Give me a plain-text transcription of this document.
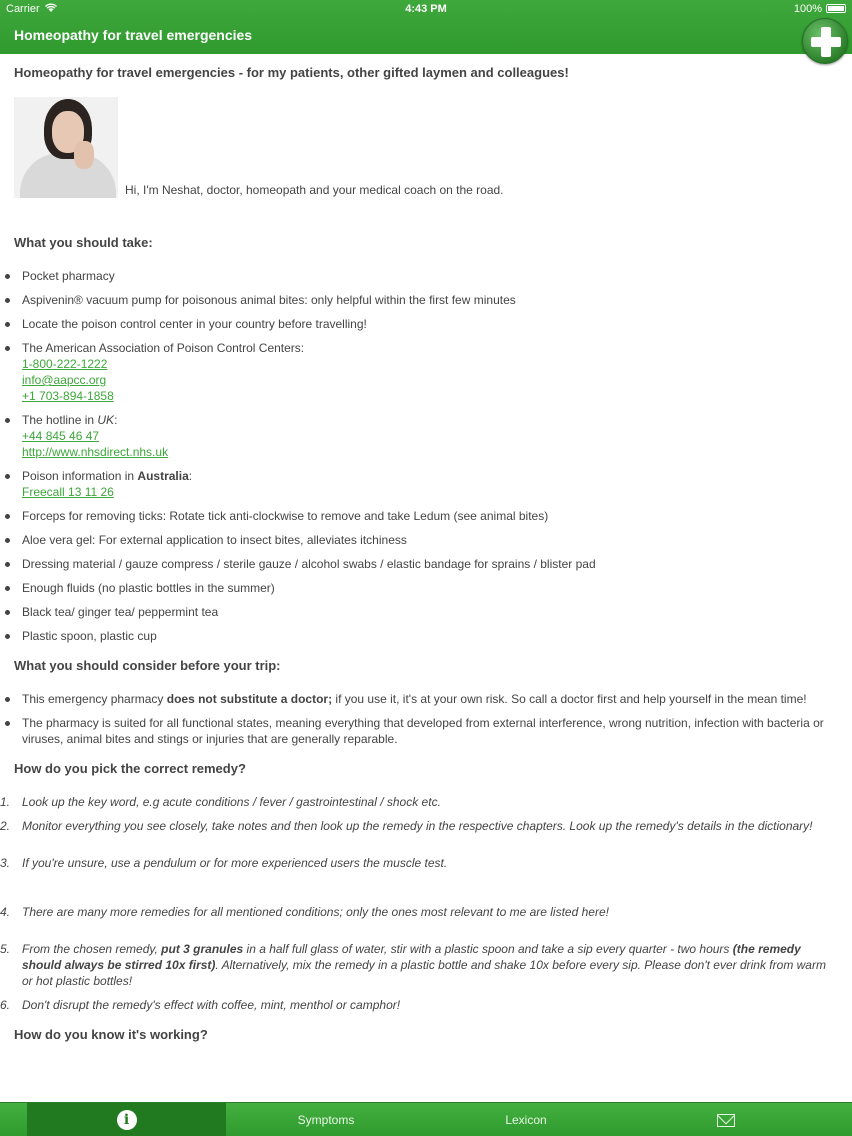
Carrier	4:43 PM	100%
Homeopathy for travel emergencies
Homeopathy for travel emergencies - for my patients, other gifted laymen and colleagues!
Hi, I'm Neshat, doctor, homeopath and your medical coach on the road.
What you should take:
Pocket pharmacy
Aspivenin® vacuum pump for poisonous animal bites: only helpful within the first few minutes
Locate the poison control center in your country before travelling!
The American Association of Poison Control Centers:
1-800-222-1222
info@aapcc.org
+1 703-894-1858
The hotline in UK:
+44 845 46 47
http://www.nhsdirect.nhs.uk
Poison information in Australia:
Freecall 13 11 26
Forceps for removing ticks: Rotate tick anti-clockwise to remove and take Ledum (see animal bites)
Aloe vera gel: For external application to insect bites, alleviates itchiness
Dressing material / gauze compress / sterile gauze / alcohol swabs / elastic bandage for sprains / blister pad
Enough fluids (no plastic bottles in the summer)
Black tea/ ginger tea/ peppermint tea
Plastic spoon, plastic cup
What you should consider before your trip:
This emergency pharmacy does not substitute a doctor; if you use it, it's at your own risk. So call a doctor first and help yourself in the mean time!
The pharmacy is suited for all functional states, meaning everything that developed from external interference, wrong nutrition, infection with bacteria or viruses, animal bites and stings or injuries that are generally reparable.
How do you pick the correct remedy?
1. Look up the key word, e.g acute conditions / fever / gastrointestinal / shock etc.
2. Monitor everything you see closely, take notes and then look up the remedy in the respective chapters. Look up the remedy's details in the dictionary!
3. If you're unsure, use a pendulum or for more experienced users the muscle test.
4. There are many more remedies for all mentioned conditions; only the ones most relevant to me are listed here!
5. From the chosen remedy, put 3 granules in a half full glass of water, stir with a plastic spoon and take a sip every quarter - two hours (the remedy should always be stirred 10x first). Alternatively, mix the remedy in a plastic bottle and shake 10x before every sip. Please don't ever drink from warm or hot plastic bottles!
6. Don't disrupt the remedy's effect with coffee, mint, menthol or camphor!
How do you know it's working?
i	Symptoms	Lexicon
